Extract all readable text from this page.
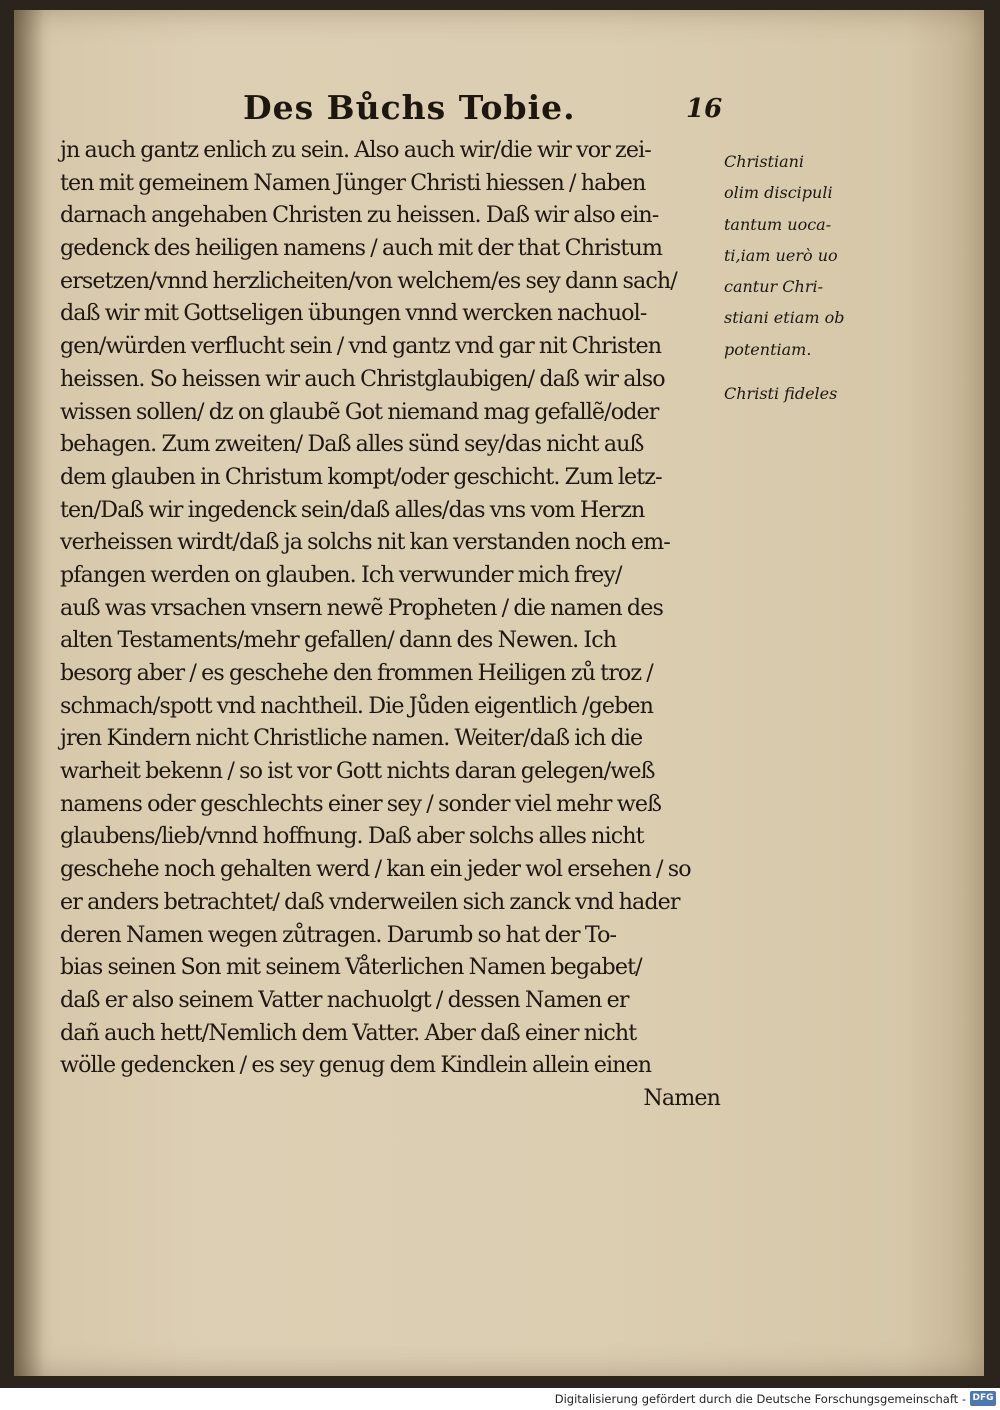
Des Bůchs Tobie.	16
jn auch gantz enlich zu sein. Also auch wir/die wir vor zei-
ten mit gemeinem Namen Jünger Christi hiessen / haben
darnach angehaben Christen zu heissen. Daß wir also ein-
gedenck des heiligen namens / auch mit der that Christum
ersetzen/vnnd herzlicheiten/von welchem/es sey dann sach/
daß wir mit Gottseligen übungen vnnd wercken nachuol-
gen/würden verflucht sein / vnd gantz vnd gar nit Christen
heissen. So heissen wir auch Christglaubigen/ daß wir also
wissen sollen/ dz on glaubẽ Got niemand mag gefallẽ/oder
behagen. Zum zweiten/ Daß alles sünd sey/das nicht auß
dem glauben in Christum kompt/oder geschicht. Zum letz-
ten/Daß wir ingedenck sein/daß alles/das vns vom Herzn
verheissen wirdt/daß ja solchs nit kan verstanden noch em-
pfangen werden on glauben. Ich verwunder mich frey/
auß was vrsachen vnsern newẽ Propheten / die namen des
alten Testaments/mehr gefallen/ dann des Newen. Ich
besorg aber / es geschehe den frommen Heiligen zů troz /
schmach/spott vnd nachtheil. Die Jůden eigentlich /geben
jren Kindern nicht Christliche namen. Weiter/daß ich die
warheit bekenn / so ist vor Gott nichts daran gelegen/weß
namens oder geschlechts einer sey / sonder viel mehr weß
glaubens/lieb/vnnd hoffnung. Daß aber solchs alles nicht
geschehe noch gehalten werd / kan ein jeder wol ersehen / so
er anders betrachtet/ daß vnderweilen sich zanck vnd hader
deren Namen wegen zůtragen. Darumb so hat der To-
bias seinen Son mit seinem Våterlichen Namen begabet/
daß er also seinem Vatter nachuolgt / dessen Namen er
dañ auch hett/Nemlich dem Vatter. Aber daß einer nicht
wölle gedencken / es sey genug dem Kindlein allein einen
Namen
Christiani
olim discipuli
tantum uoca-
ti,iam uerò uo
cantur Chri-
stiani etiam ob
potentiam.
Christi fideles
Digitalisierung gefördert durch die Deutsche Forschungsgemeinschaft - DFG
